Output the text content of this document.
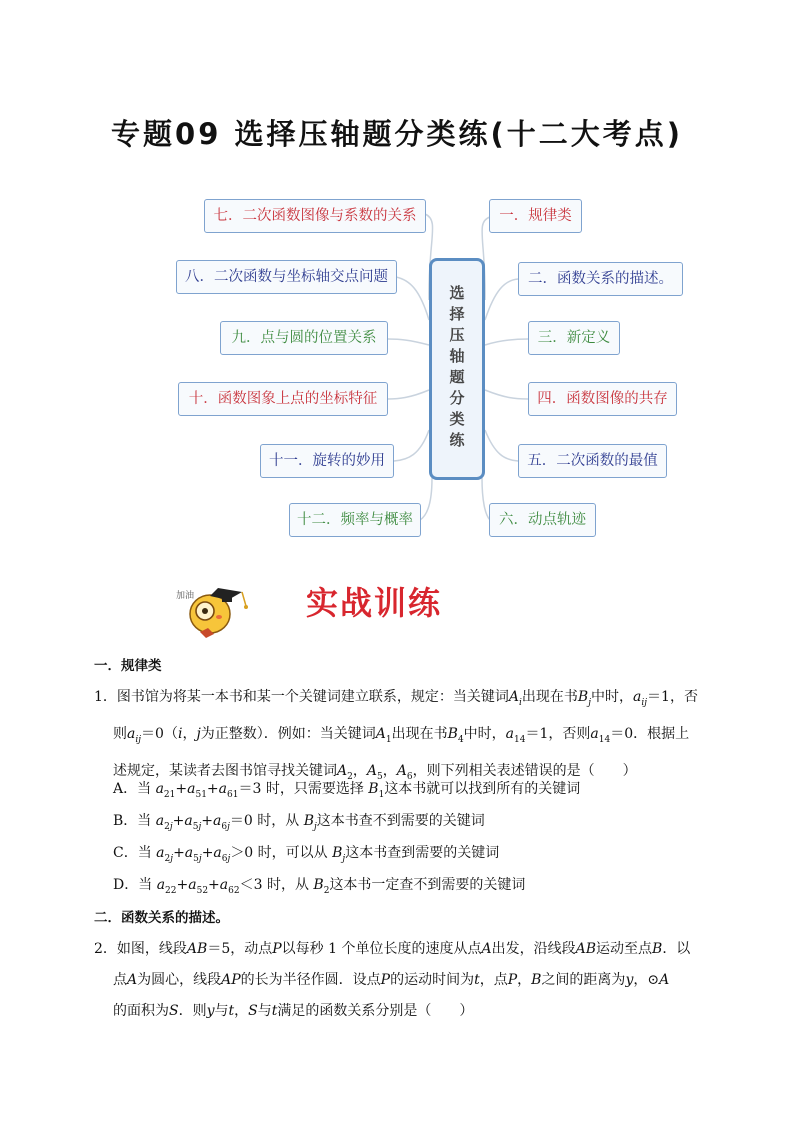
专题09 选择压轴题分类练(十二大考点)
选择压轴题分类练
七．二次函数图像与系数的关系
八．二次函数与坐标轴交点问题
九．点与圆的位置关系
十．函数图象上点的坐标特征
十一．旋转的妙用
十二．频率与概率
一．规律类
二．函数关系的描述。
三．新定义
四．函数图像的共存
五．二次函数的最值
六．动点轨迹
加油	实战训练
一．规律类
1．图书馆为将某一本书和某一个关键词建立联系，规定：当关键词$A_i$出现在书$B_j$中时，$a_{ij}=1$，否
则$a_{ij}=0(i$，j为正整数）．例如：当关键词$A_1$出现在书$B_4$中时，$a_{14}=1$，否则$a_{14}=0$．根据上
述规定，某读者去图书馆寻找关键词$A_2$，$A_5$，$A_6$，则下列相关表述错误的是（　　）
A．当 $a_{21}+a_{51}+a_{61}=3$ 时，只需要选择 $B_1$这本书就可以找到所有的关键词
B．当 $a_{2j}+a_{5j}+a_{6j}=0$ 时，从 $B_j$这本书查不到需要的关键词
C．当 $a_{2j}+a_{5j}+a_{6j}>0$ 时，可以从 $B_j$这本书查到需要的关键词
D．当 $a_{22}+a_{52}+a_{62}<3$ 时，从 $B_2$这本书一定查不到需要的关键词
二．函数关系的描述。
2．如图，线段AB＝5，动点P以每秒 1 个单位长度的速度从点A出发，沿线段AB运动至点B．以
点A为圆心，线段AP的长为半径作圆．设点P的运动时间为t，点P，B之间的距离为y，⊙A
的面积为S．则y与t，S与t满足的函数关系分别是（　　）
